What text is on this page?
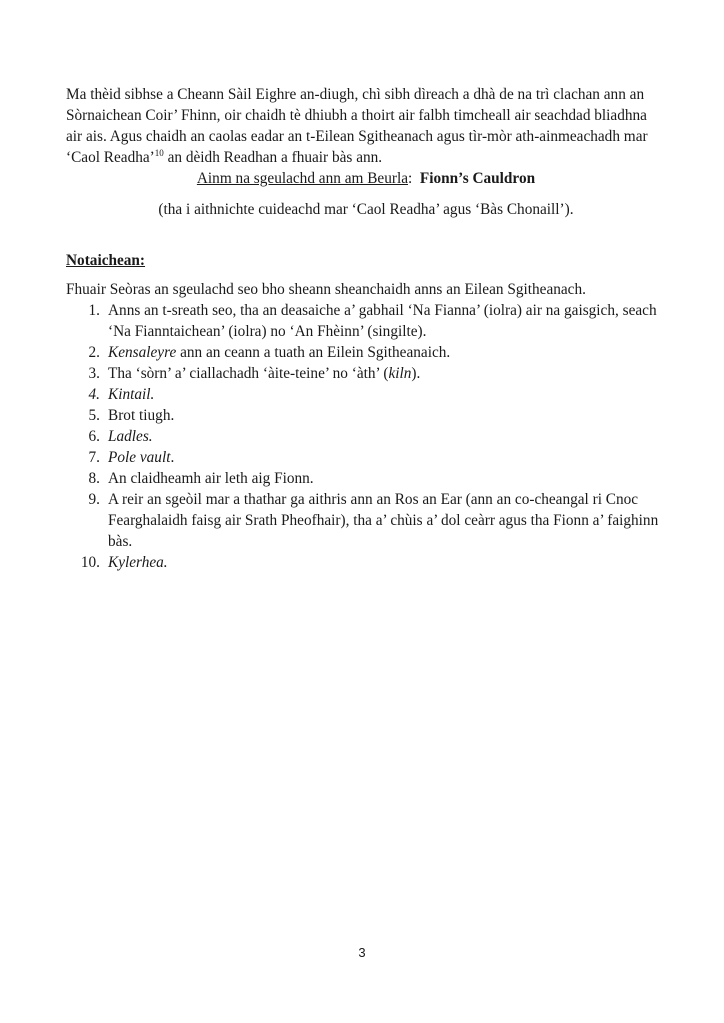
Ma thèid sibhse a Cheann Sàil Eighre an-diugh, chì sibh dìreach a dhà de na trì clachan ann an Sòrnaichean Coir’ Fhinn, oir chaidh tè dhiubh a thoirt air falbh timcheall air seachdad bliadhna air ais. Agus chaidh an caolas eadar an t-Eilean Sgitheanach agus tìr-mòr ath-ainmeachadh mar ‘Caol Readha’$^{10}$ an dèidh Readhan a fhuair bàs ann.

Ainm na sgeulachd ann am Beurla:  Fionn’s Cauldron

(tha i aithnichte cuideachd mar ‘Caol Readha’ agus ‘Bàs Chonaill’).

Notaichean:

Fhuair Seòras an sgeulachd seo bho sheann sheanchaidh anns an Eilean Sgitheanach.

1. Anns an t-sreath seo, tha an deasaiche a’ gabhail ‘Na Fianna’ (iolra) air na gaisgich, seach ‘Na Fianntaichean’ (iolra) no ‘An Fhèinn’ (singilte).
2. Kensaleyre ann an ceann a tuath an Eilein Sgitheanaich.
3. Tha ‘sòrn’ a’ ciallachadh ‘àite-teine’ no ‘àth’ (kiln).
4. Kintail.
5. Brot tiugh.
6. Ladles.
7. Pole vault.
8. An claidheamh air leth aig Fionn.
9. A reir an sgeòil mar a thathar ga aithris ann an Ros an Ear (ann an co-cheangal ri Cnoc Fearghalaidh faisg air Srath Pheofhair), tha a’ chùis a’ dol ceàrr agus tha Fionn a’ faighinn bàs.
10. Kylerhea.
3
